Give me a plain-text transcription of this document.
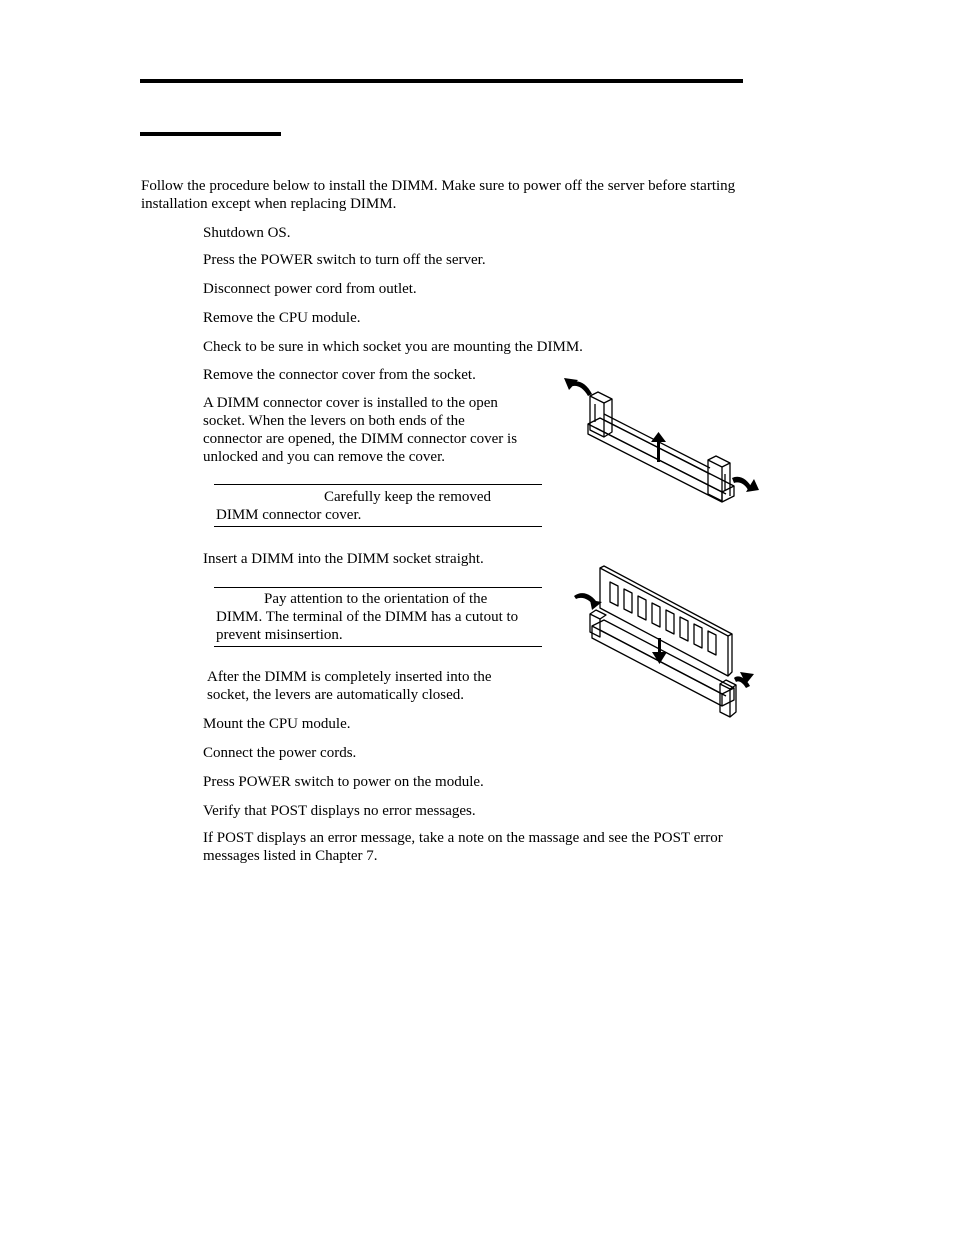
Follow the procedure below to install the DIMM. Make sure to power off the server before starting
installation except when replacing DIMM.
Shutdown OS.
Press the POWER switch to turn off the server.
Disconnect power cord from outlet.
Remove the CPU module.
Check to be sure in which socket you are mounting the DIMM.
Remove the connector cover from the socket.
A DIMM connector cover is installed to the open
socket. When the levers on both ends of the
connector are opened, the DIMM connector cover is
unlocked and you can remove the cover.
Carefully keep the removed
DIMM connector cover.
Insert a DIMM into the DIMM socket straight.
Pay attention to the orientation of the
DIMM. The terminal of the DIMM has a cutout to
prevent misinsertion.
After the DIMM is completely inserted into the
socket, the levers are automatically closed.
Mount the CPU module.
Connect the power cords.
Press POWER switch to power on the module.
Verify that POST displays no error messages.
If POST displays an error message, take a note on the massage and see the POST error
messages listed in Chapter 7.
